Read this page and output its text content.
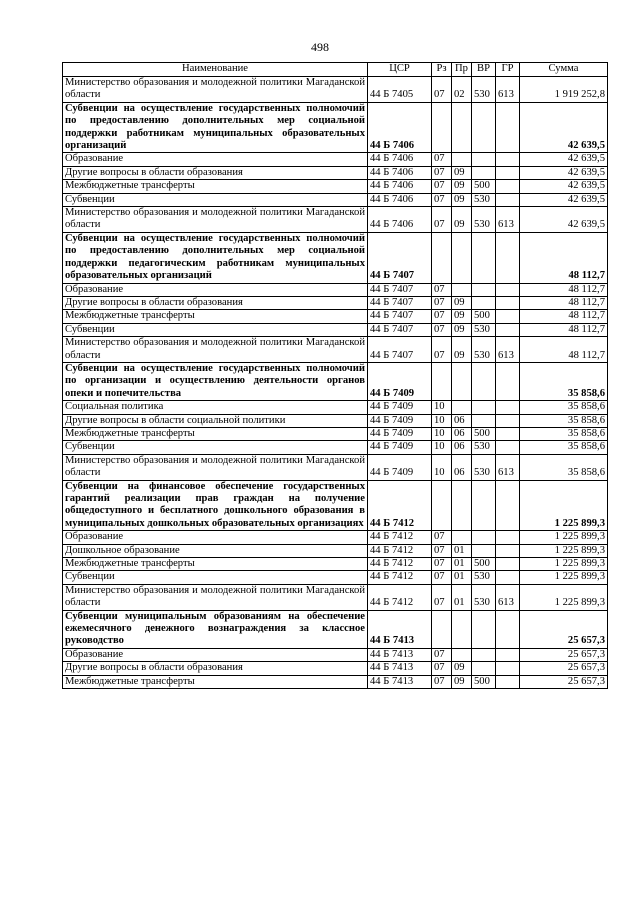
498
Наименование	ЦСР	Рз	Пр	ВР	ГР	Сумма
Министерство образования и молодежной политики Магаданской области	44 Б 7405	07	02	530	613	1 919 252,8
Субвенции на осуществление государственных полномочий по предоставлению дополнительных мер социальной поддержки работникам муниципальных образовательных организаций	44 Б 7406					42 639,5
Образование	44 Б 7406	07				42 639,5
Другие вопросы в области образования	44 Б 7406	07	09			42 639,5
Межбюджетные трансферты	44 Б 7406	07	09	500		42 639,5
Субвенции	44 Б 7406	07	09	530		42 639,5
Министерство образования и молодежной политики Магаданской области	44 Б 7406	07	09	530	613	42 639,5
Субвенции на осуществление государственных полномочий по предоставлению дополнительных мер социальной поддержки педагогическим работникам муниципальных образовательных организаций	44 Б 7407					48 112,7
Образование	44 Б 7407	07				48 112,7
Другие вопросы в области образования	44 Б 7407	07	09			48 112,7
Межбюджетные трансферты	44 Б 7407	07	09	500		48 112,7
Субвенции	44 Б 7407	07	09	530		48 112,7
Министерство образования и молодежной политики Магаданской области	44 Б 7407	07	09	530	613	48 112,7
Субвенции на осуществление государственных полномочий по организации и осуществлению деятельности органов опеки и попечительства	44 Б 7409					35 858,6
Социальная политика	44 Б 7409	10				35 858,6
Другие вопросы в области социальной политики	44 Б 7409	10	06			35 858,6
Межбюджетные трансферты	44 Б 7409	10	06	500		35 858,6
Субвенции	44 Б 7409	10	06	530		35 858,6
Министерство образования и молодежной политики Магаданской области	44 Б 7409	10	06	530	613	35 858,6
Субвенции на финансовое обеспечение государственных гарантий реализации прав граждан на получение общедоступного и бесплатного дошкольного образования в муниципальных дошкольных образовательных организациях	44 Б 7412					1 225 899,3
Образование	44 Б 7412	07				1 225 899,3
Дошкольное образование	44 Б 7412	07	01			1 225 899,3
Межбюджетные трансферты	44 Б 7412	07	01	500		1 225 899,3
Субвенции	44 Б 7412	07	01	530		1 225 899,3
Министерство образования и молодежной политики Магаданской области	44 Б 7412	07	01	530	613	1 225 899,3
Субвенции муниципальным образованиям на обеспечение ежемесячного денежного вознаграждения за классное руководство	44 Б 7413					25 657,3
Образование	44 Б 7413	07				25 657,3
Другие вопросы в области образования	44 Б 7413	07	09			25 657,3
Межбюджетные трансферты	44 Б 7413	07	09	500		25 657,3
